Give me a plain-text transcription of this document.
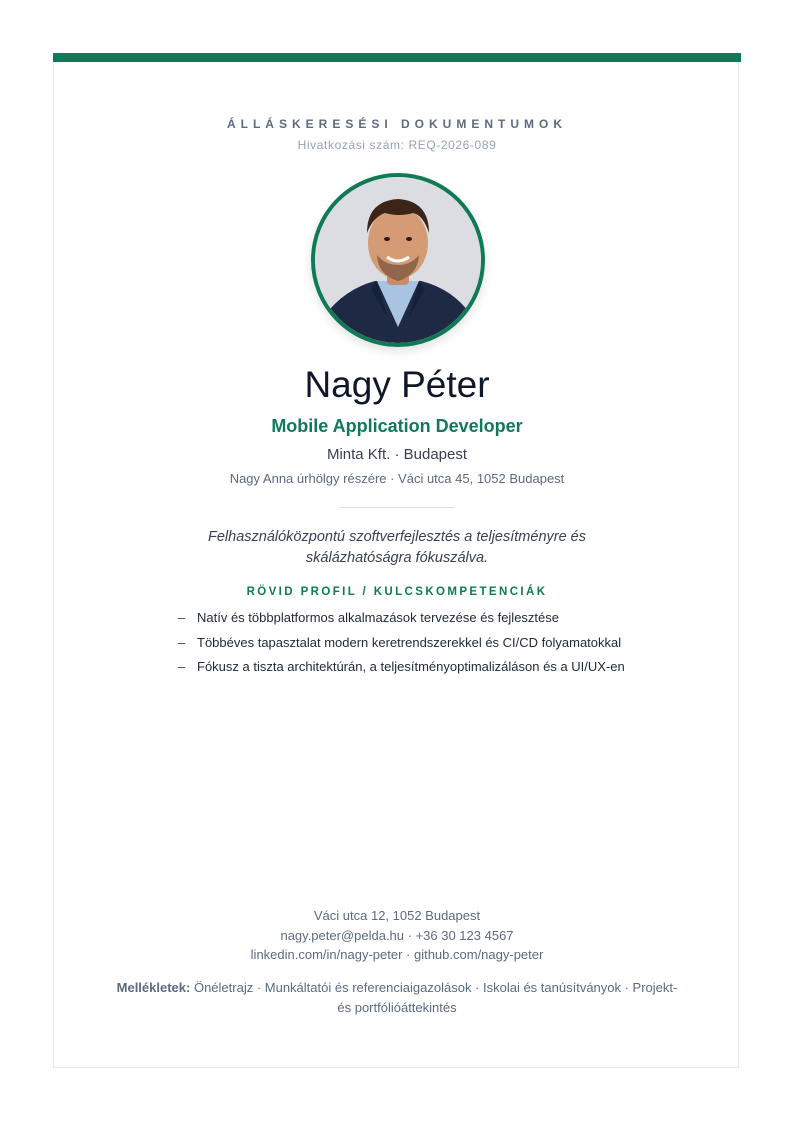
ÁLLÁSKERESÉSI DOKUMENTUMOK
Hivatkozási szám: REQ-2026-089
Nagy Péter
Mobile Application Developer
Minta Kft. · Budapest
Nagy Anna úrhölgy részére · Váci utca 45, 1052 Budapest
Felhasználóközpontú szoftverfejlesztés a teljesítményre és skálázhatóságra fókuszálva.
RÖVID PROFIL / KULCSKOMPETENCIÁK
– Natív és többplatformos alkalmazások tervezése és fejlesztése
– Többéves tapasztalat modern keretrendszerekkel és CI/CD folyamatokkal
– Fókusz a tiszta architektúrán, a teljesítményoptimalizáláson és a UI/UX-en
Váci utca 12, 1052 Budapest
nagy.peter@pelda.hu · +36 30 123 4567
linkedin.com/in/nagy-peter · github.com/nagy-peter
Mellékletek: Önéletrajz · Munkáltatói és referenciaigazolások · Iskolai és tanúsítványok · Projekt- és portfólióáttekintés
